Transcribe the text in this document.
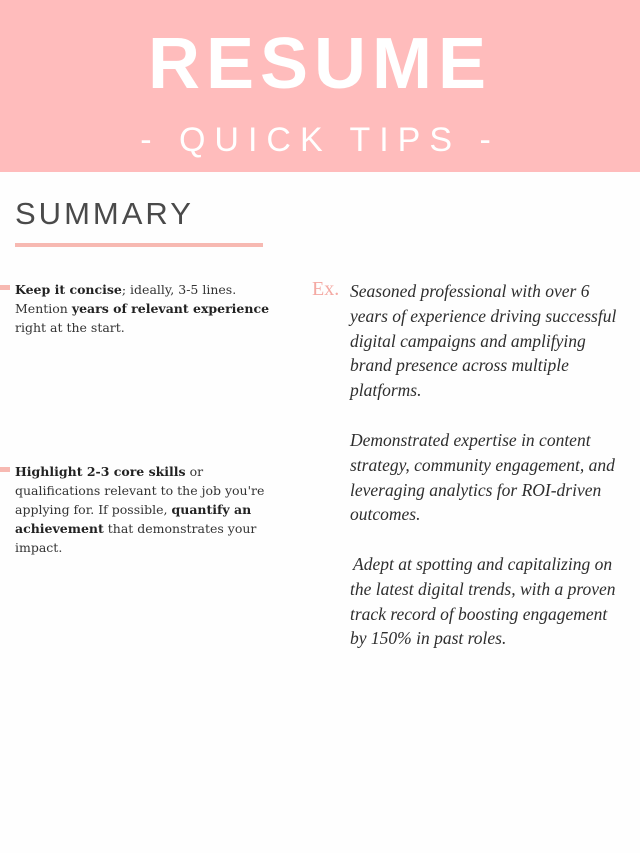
RESUME
- QUICK TIPS -
SUMMARY
Keep it concise; ideally, 3-5 lines. Mention years of relevant experience right at the start.
Highlight 2-3 core skills or qualifications relevant to the job you're applying for. If possible, quantify an achievement that demonstrates your impact.
Ex. Seasoned professional with over 6 years of experience driving successful digital campaigns and amplifying brand presence across multiple platforms.
Demonstrated expertise in content strategy, community engagement, and leveraging analytics for ROI-driven outcomes.
Adept at spotting and capitalizing on the latest digital trends, with a proven track record of boosting engagement by 150% in past roles.
